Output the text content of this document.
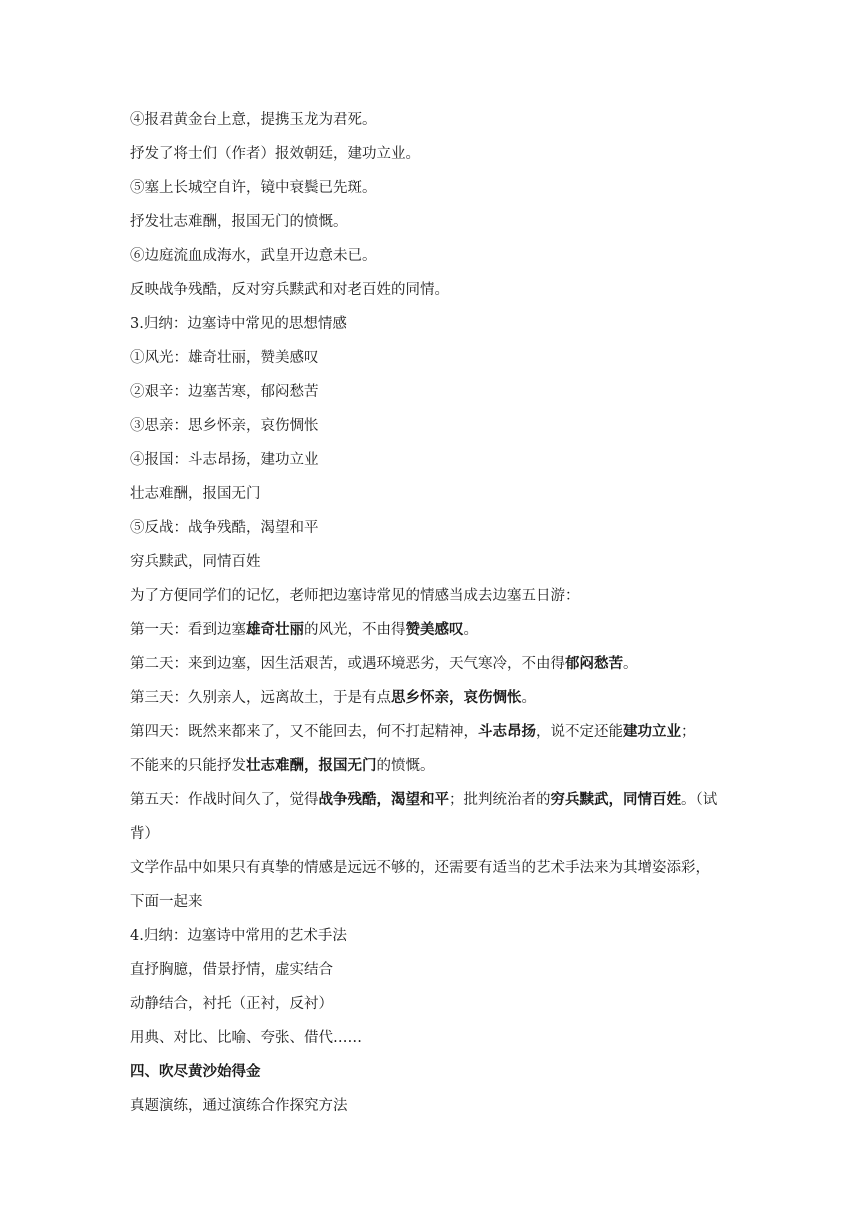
④报君黄金台上意，提携玉龙为君死。
抒发了将士们（作者）报效朝廷，建功立业。
⑤塞上长城空自许，镜中衰鬓已先斑。
抒发壮志难酬，报国无门的愤慨。
⑥边庭流血成海水，武皇开边意未已。
反映战争残酷，反对穷兵黩武和对老百姓的同情。
3.归纳：边塞诗中常见的思想情感
①风光：雄奇壮丽，赞美感叹
②艰辛：边塞苦寒，郁闷愁苦
③思亲：思乡怀亲，哀伤惆怅
④报国：斗志昂扬，建功立业
壮志难酬，报国无门
⑤反战：战争残酷，渴望和平
穷兵黩武，同情百姓
为了方便同学们的记忆，老师把边塞诗常见的情感当成去边塞五日游：
第一天：看到边塞雄奇壮丽的风光，不由得赞美感叹。
第二天：来到边塞，因生活艰苦，或遇环境恶劣，天气寒冷，不由得郁闷愁苦。
第三天：久别亲人，远离故土，于是有点思乡怀亲，哀伤惆怅。
第四天：既然来都来了，又不能回去，何不打起精神，斗志昂扬，说不定还能建功立业；
不能来的只能抒发壮志难酬，报国无门的愤慨。
第五天：作战时间久了，觉得战争残酷，渴望和平；批判统治者的穷兵黩武，同情百姓。（试
背）
文学作品中如果只有真挚的情感是远远不够的，还需要有适当的艺术手法来为其增姿添彩，
下面一起来
4.归纳：边塞诗中常用的艺术手法
直抒胸臆，借景抒情，虚实结合
动静结合，衬托（正衬，反衬）
用典、对比、比喻、夸张、借代……
四、吹尽黄沙始得金
真题演练，通过演练合作探究方法
